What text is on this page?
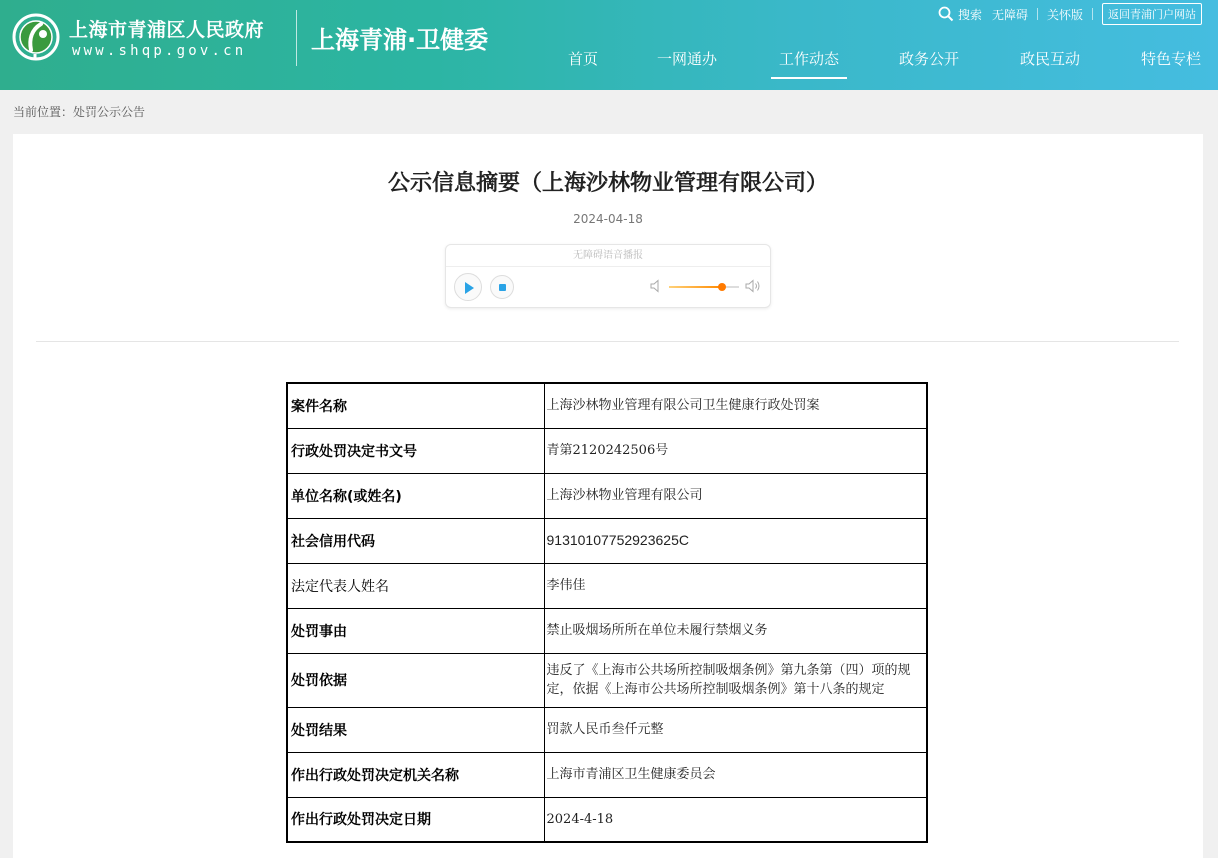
上海市青浦区人民政府
www.shqp.gov.cn	上海青浦·卫健委
搜索 无障碍 关怀版	返回青浦门户网站
首页	一网通办	工作动态	政务公开	政民互动	特色专栏
当前位置：处罚公示公告
公示信息摘要（上海沙林物业管理有限公司）
2024-04-18
无障碍语音播报
案件名称	上海沙林物业管理有限公司卫生健康行政处罚案
行政处罚决定书文号	青第2120242506号
单位名称(或姓名)	上海沙林物业管理有限公司
社会信用代码	91310107752923625C
法定代表人姓名	李伟佳
处罚事由	禁止吸烟场所所在单位未履行禁烟义务
处罚依据	违反了《上海市公共场所控制吸烟条例》第九条第（四）项的规定，依据《上海市公共场所控制吸烟条例》第十八条的规定
处罚结果	罚款人民币叁仟元整
作出行政处罚决定机关名称	上海市青浦区卫生健康委员会
作出行政处罚决定日期	2024-4-18
